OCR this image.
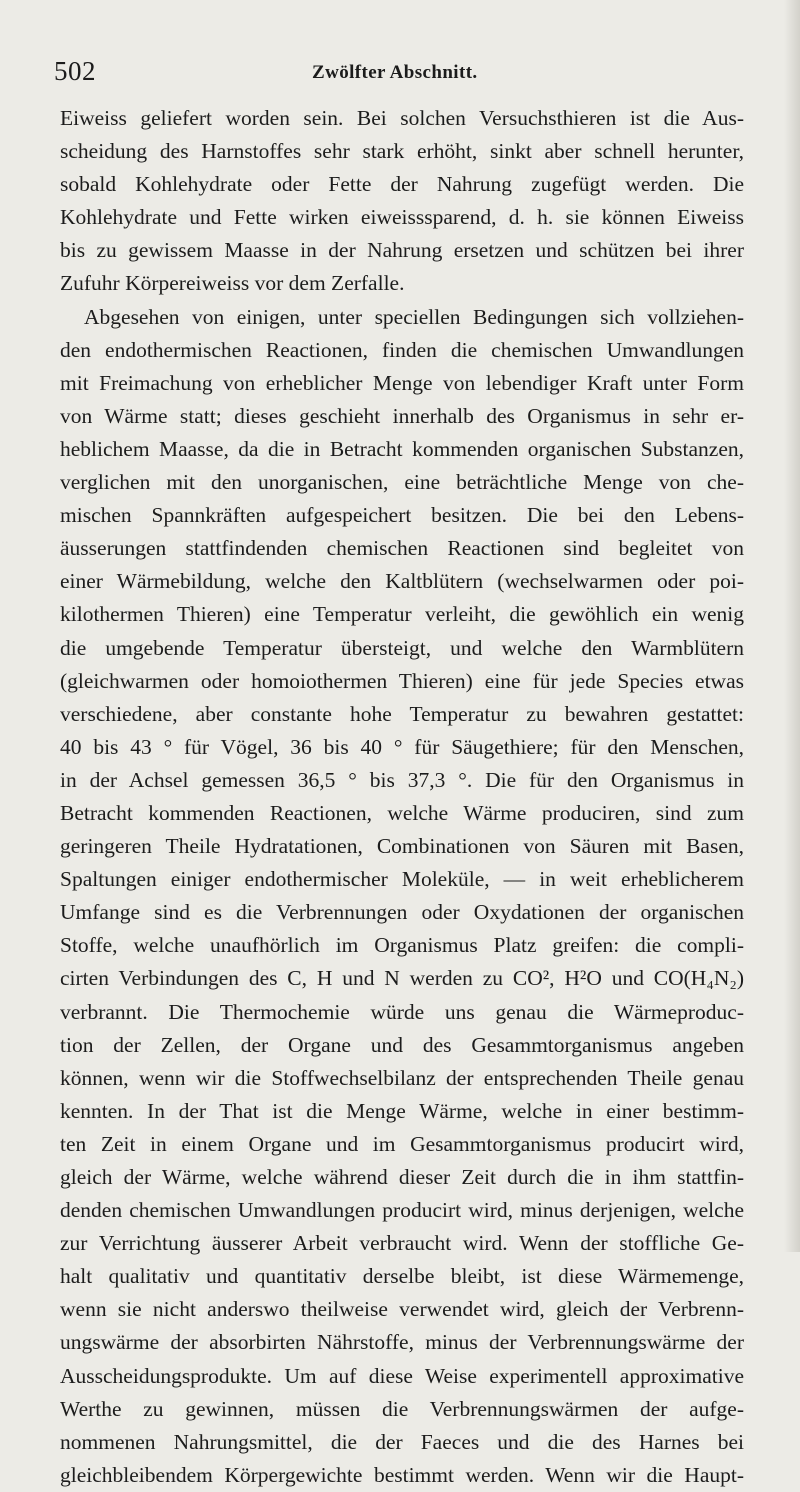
502	Zwölfter Abschnitt.
Eiweiss geliefert worden sein. Bei solchen Versuchsthieren ist die Aus-
scheidung des Harnstoffes sehr stark erhöht, sinkt aber schnell herunter,
sobald Kohlehydrate oder Fette der Nahrung zugefügt werden. Die
Kohlehydrate und Fette wirken eiweisssparend, d. h. sie können Eiweiss
bis zu gewissem Maasse in der Nahrung ersetzen und schützen bei ihrer
Zufuhr Körpereiweiss vor dem Zerfalle.
Abgesehen von einigen, unter speciellen Bedingungen sich vollziehen-
den endothermischen Reactionen, finden die chemischen Umwandlungen
mit Freimachung von erheblicher Menge von lebendiger Kraft unter Form
von Wärme statt; dieses geschieht innerhalb des Organismus in sehr er-
heblichem Maasse, da die in Betracht kommenden organischen Substanzen,
verglichen mit den unorganischen, eine beträchtliche Menge von che-
mischen Spannkräften aufgespeichert besitzen. Die bei den Lebens-
äusserungen stattfindenden chemischen Reactionen sind begleitet von
einer Wärmebildung, welche den Kaltblütern (wechselwarmen oder poi-
kilothermen Thieren) eine Temperatur verleiht, die gewöhlich ein wenig
die umgebende Temperatur übersteigt, und welche den Warmblütern
(gleichwarmen oder homoiothermen Thieren) eine für jede Species etwas
verschiedene, aber constante hohe Temperatur zu bewahren gestattet:
40 bis 43 ° für Vögel, 36 bis 40 ° für Säugethiere; für den Menschen,
in der Achsel gemessen 36,5 ° bis 37,3 °. Die für den Organismus in
Betracht kommenden Reactionen, welche Wärme produciren, sind zum
geringeren Theile Hydratationen, Combinationen von Säuren mit Basen,
Spaltungen einiger endothermischer Moleküle, — in weit erheblicherem
Umfange sind es die Verbrennungen oder Oxydationen der organischen
Stoffe, welche unaufhörlich im Organismus Platz greifen: die compli-
cirten Verbindungen des C, H und N werden zu CO², H²O und CO(H₄N₂)
verbrannt. Die Thermochemie würde uns genau die Wärmeproduc-
tion der Zellen, der Organe und des Gesammtorganismus angeben
können, wenn wir die Stoffwechselbilanz der entsprechenden Theile genau
kennten. In der That ist die Menge Wärme, welche in einer bestimm-
ten Zeit in einem Organe und im Gesammtorganismus producirt wird,
gleich der Wärme, welche während dieser Zeit durch die in ihm stattfin-
denden chemischen Umwandlungen producirt wird, minus derjenigen, welche
zur Verrichtung äusserer Arbeit verbraucht wird. Wenn der stoffliche Ge-
halt qualitativ und quantitativ derselbe bleibt, ist diese Wärmemenge,
wenn sie nicht anderswo theilweise verwendet wird, gleich der Verbrenn-
ungswärme der absorbirten Nährstoffe, minus der Verbrennungswärme der
Ausscheidungsprodukte. Um auf diese Weise experimentell approximative
Werthe zu gewinnen, müssen die Verbrennungswärmen der aufge-
nommenen Nahrungsmittel, die der Faeces und die des Harnes bei
gleichbleibendem Körpergewichte bestimmt werden. Wenn wir die Haupt-
